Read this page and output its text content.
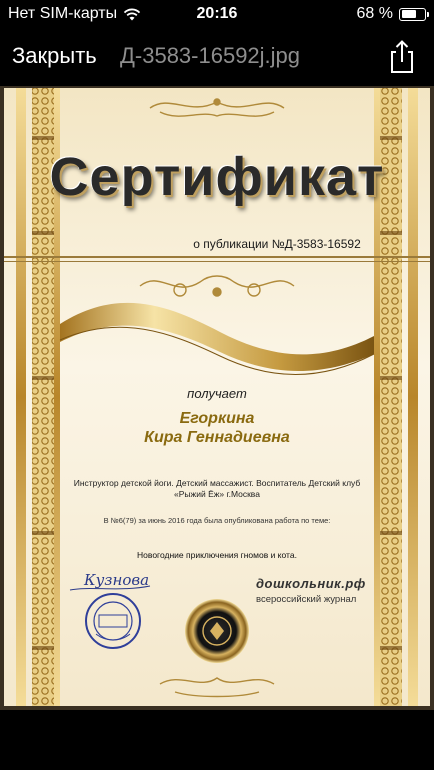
Нет SIM-карты	20:16	68 %
Закрыть Д-3583-16592j.jpg
Сертификат
о публикации №Д-3583-16592
получает
Егоркина
Кира Геннадиевна
Инструктор детской йоги. Детский массажист. Воспитатель Детский клуб «Рыжий Ёж» г.Москва
В №6(79) за июнь 2016 года была опубликована работа по теме:
Новогодние приключения гномов и кота.
Кузнова	дошкольник.рф
всероссийский журнал
